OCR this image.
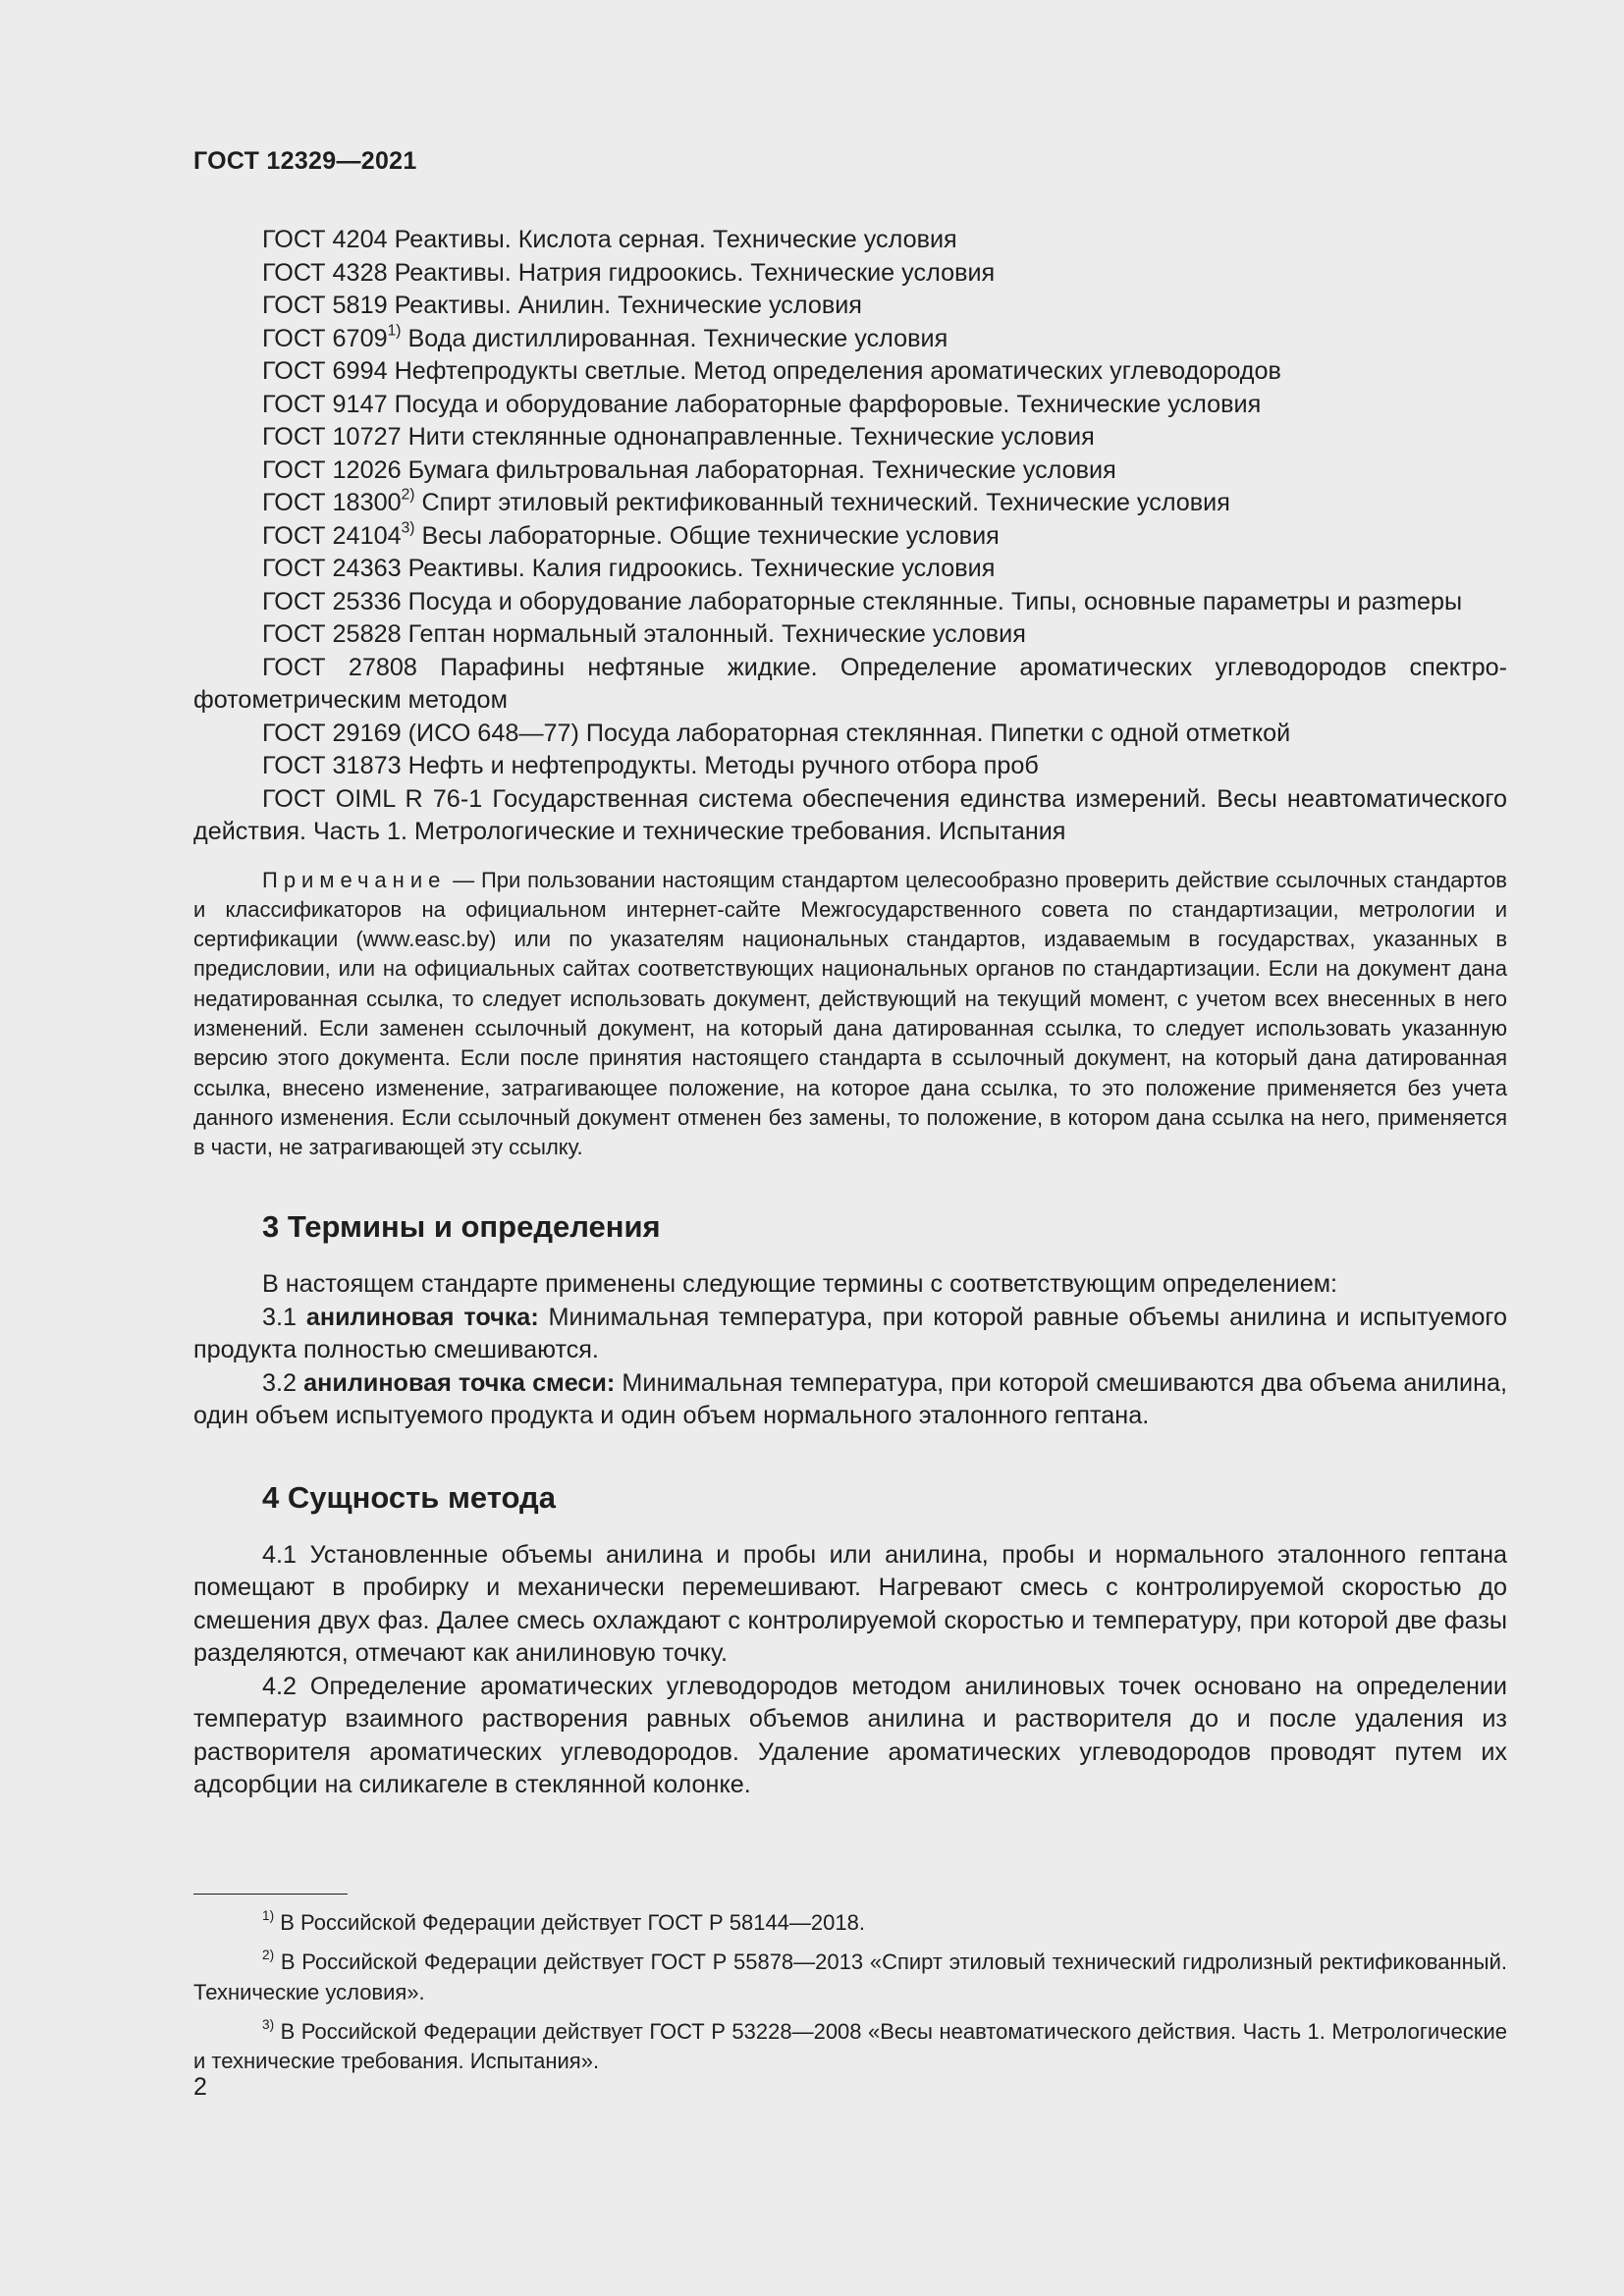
ГОСТ 12329—2021

ГОСТ 4204 Реактивы. Кислота серная. Технические условия

ГОСТ 4328 Реактивы. Натрия гидроокись. Технические условия

ГОСТ 5819 Реактивы. Анилин. Технические условия

ГОСТ 6709$^{1)}$ Вода дистиллированная. Технические условия

ГОСТ 6994 Нефтепродукты светлые. Метод определения ароматических углеводородов

ГОСТ 9147 Посуда и оборудование лабораторные фарфоровые. Технические условия

ГОСТ 10727 Нити стеклянные однонаправленные. Технические условия

ГОСТ 12026 Бумага фильтровальная лабораторная. Технические условия

ГОСТ 18300$^{2)}$ Спирт этиловый ректификованный технический. Технические условия

ГОСТ 24104$^{3)}$ Весы лабораторные. Общие технические условия

ГОСТ 24363 Реактивы. Калия гидроокись. Технические условия

ГОСТ 25336 Посуда и оборудование лабораторные стеклянные. Типы, основные параметры и разmеры

ГОСТ 25828 Гептан нормальный эталонный. Технические условия

ГОСТ 27808 Парафины нефтяные жидкие. Определение ароматических углеводородов спектрофотометрическим методом

ГОСТ 29169 (ИСО 648—77) Посуда лабораторная стеклянная. Пипетки с одной отметкой

ГОСТ 31873 Нефть и нефтепродукты. Методы ручного отбора проб

ГОСТ OIML R 76-1 Государственная система обеспечения единства измерений. Весы неавтоматического действия. Часть 1. Метрологические и технические требования. Испытания

Примечание — При пользовании настоящим стандартом целесообразно проверить действие ссылочных стандартов и классификаторов на официальном интернет-сайте Межгосударственного совета по стандартизации, метрологии и сертификации (www.easc.by) или по указателям национальных стандартов, издаваемым в государствах, указанных в предисловии, или на официальных сайтах соответствующих национальных органов по стандартизации. Если на документ дана недатированная ссылка, то следует использовать документ, действующий на текущий момент, с учетом всех внесенных в него изменений. Если заменен ссылочный документ, на который дана датированная ссылка, то следует использовать указанную версию этого документа. Если после принятия настоящего стандарта в ссылочный документ, на который дана датированная ссылка, внесено изменение, затрагивающее положение, на которое дана ссылка, то это положение применяется без учета данного изменения. Если ссылочный документ отменен без замены, то положение, в котором дана ссылка на него, применяется в части, не затрагивающей эту ссылку.

3 Термины и определения

В настоящем стандарте применены следующие термины с соответствующим определением:

3.1 анилиновая точка: Минимальная температура, при которой равные объемы анилина и испытуемого продукта полностью смешиваются.

3.2 анилиновая точка смеси: Минимальная температура, при которой смешиваются два объема анилина, один объем испытуемого продукта и один объем нормального эталонного гептана.

4 Сущность метода

4.1 Установленные объемы анилина и пробы или анилина, пробы и нормального эталонного гептана помещают в пробирку и механически перемешивают. Нагревают смесь с контролируемой скоростью до смешения двух фаз. Далее смесь охлаждают с контролируемой скоростью и температуру, при которой две фазы разделяются, отмечают как анилиновую точку.

4.2 Определение ароматических углеводородов методом анилиновых точек основано на определении температур взаимного растворения равных объемов анилина и растворителя до и после удаления из растворителя ароматических углеводородов. Удаление ароматических углеводородов проводят путем их адсорбции на силикагеле в стеклянной колонке.

$^{1)}$ В Российской Федерации действует ГОСТ Р 58144—2018.

$^{2)}$ В Российской Федерации действует ГОСТ Р 55878—2013 «Спирт этиловый технический гидролизный ректификованный. Технические условия».

$^{3)}$ В Российской Федерации действует ГОСТ Р 53228—2008 «Весы неавтоматического действия. Часть 1. Метрологические и технические требования. Испытания».

2
